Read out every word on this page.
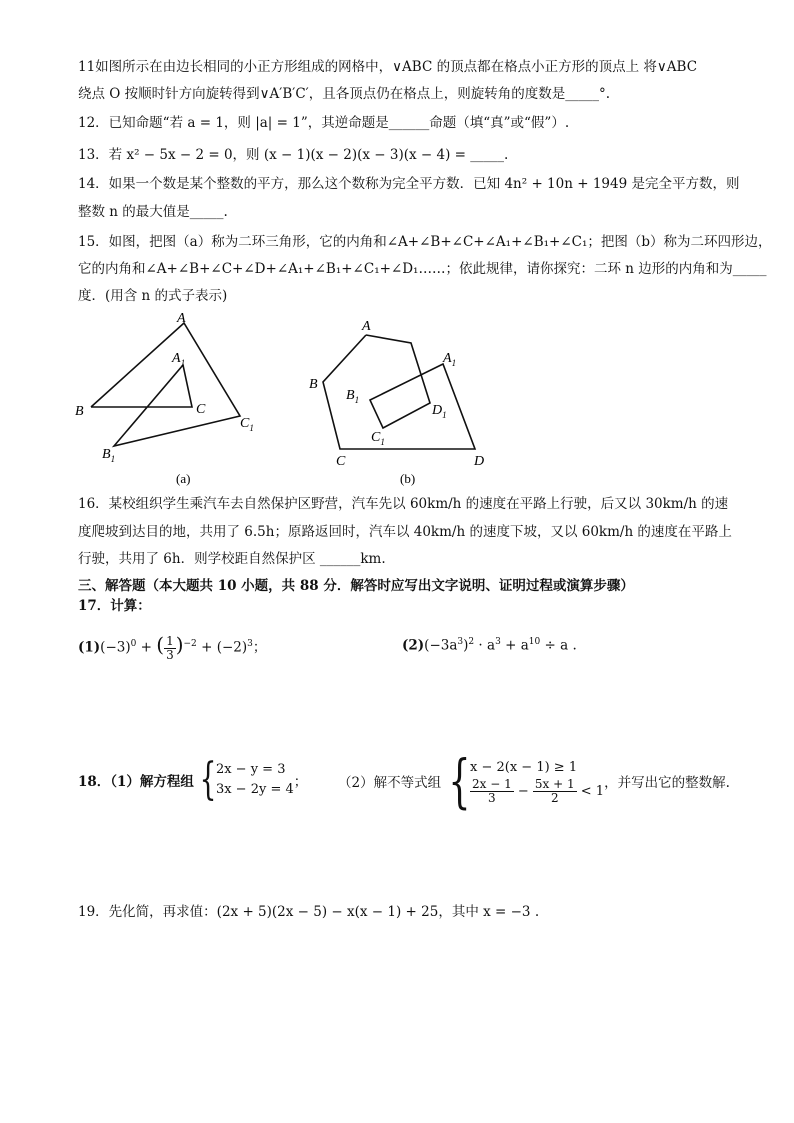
11如图所示在由边长相同的小正方形组成的网格中，∨ABC 的顶点都在格点小正方形的顶点上 将∨ABC
绕点 O 按顺时针方向旋转得到∨A′B′C′，且各顶点仍在格点上，则旋转角的度数是_____°.
12．已知命题“若 a = 1，则 |a| = 1”，其逆命题是______命题（填“真”或“假”）.
13．若 x² − 5x − 2 = 0，则 (x − 1)(x − 2)(x − 3)(x − 4) = _____.
14．如果一个数是某个整数的平方，那么这个数称为完全平方数．已知 4n² + 10n + 1949 是完全平方数，则
整数 n 的最大值是_____.
15．如图，把图（a）称为二环三角形，它的内角和∠A+∠B+∠C+∠A₁+∠B₁+∠C₁；把图（b）称为二环四形边，
它的内角和∠A+∠B+∠C+∠D+∠A₁+∠B₁+∠C₁+∠D₁……；依此规律，请你探究：二环 n 边形的内角和为_____
度．(用含 n 的式子表示)
A
$A_1$
B	C
$C_1$
$B_1$
(a)
A
$A_1$
B
$B_1$
$D_1$
$C_1$
C	D
(b)
16．某校组织学生乘汽车去自然保护区野营，汽车先以 60km/h 的速度在平路上行驶，后又以 30km/h 的速
度爬坡到达目的地，共用了 6.5h；原路返回时，汽车以 40km/h 的速度下坡，又以 60km/h 的速度在平路上
行驶，共用了 6h．则学校距自然保护区 ______km.
三、解答题（本大题共 10 小题，共 88 分．解答时应写出文字说明、证明过程或演算步骤）
17．计算：
$(1)(-3)^0$ + ( $\frac{1}{3} )^{-2} + (-2)^3$；	$(2)(-3a^3)^2 \cdot a^3 + a^{10} \div a$ .
18．（1）解方程组 { 2x − y = 3
3x − 2y = 4 ； （2）解不等式组 { x − 2(x − 1) ≥ 1
$\frac{2x - 1}{3} - \frac{5x + 1}{2} < 1$ ，并写出它的整数解.
19．先化简，再求值：(2x + 5)(2x − 5) − x(x − 1) + 25，其中 x = −3 .
